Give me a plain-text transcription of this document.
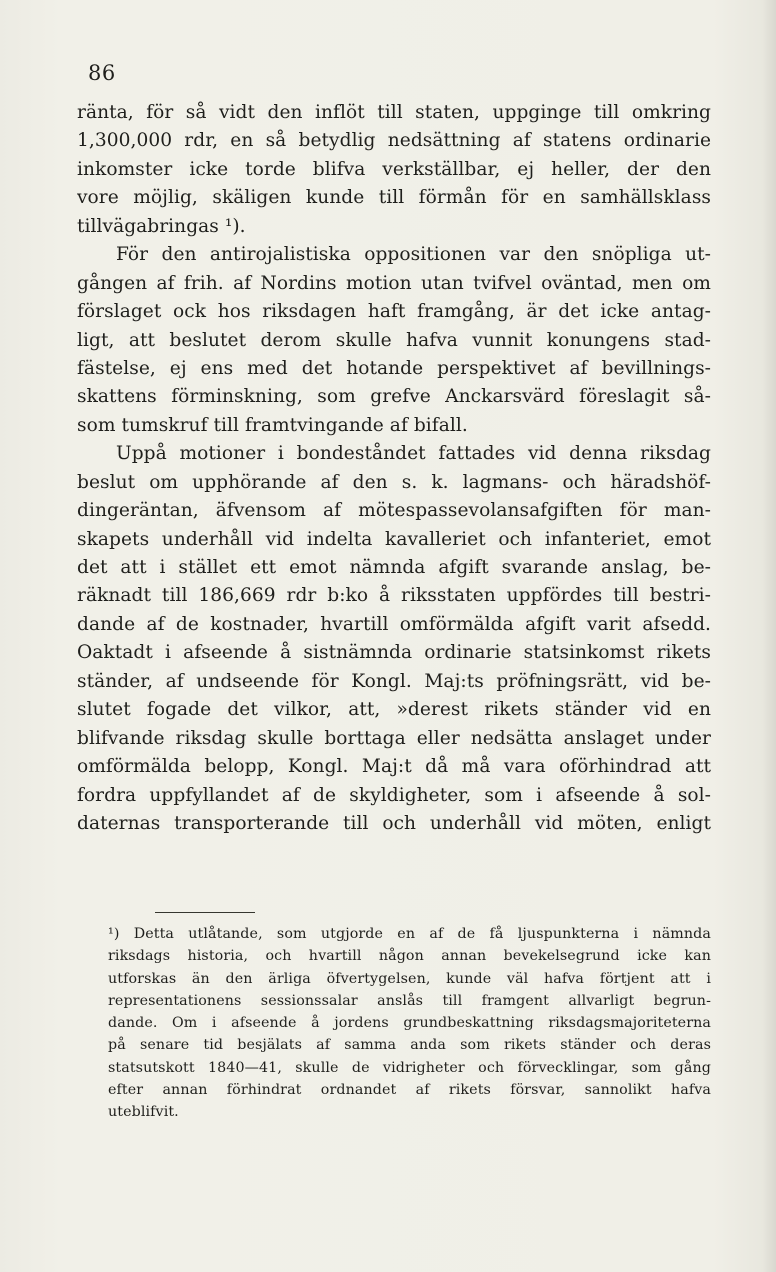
86
ränta, för så vidt den inflöt till staten, uppginge till omkring
1,300,000 rdr, en så betydlig nedsättning af statens ordinarie
inkomster icke torde blifva verkställbar, ej heller, der den
vore möjlig, skäligen kunde till förmån för en samhällsklass
tillvägabringas ¹).
För den antirojalistiska oppositionen var den snöpliga ut-
gången af frih. af Nordins motion utan tvifvel oväntad, men om
förslaget ock hos riksdagen haft framgång, är det icke antag-
ligt, att beslutet derom skulle hafva vunnit konungens stad-
fästelse, ej ens med det hotande perspektivet af bevillnings-
skattens förminskning, som grefve Anckarsvärd föreslagit så-
som tumskruf till framtvingande af bifall.
Uppå motioner i bondeståndet fattades vid denna riksdag
beslut om upphörande af den s. k. lagmans- och häradshöf-
dingeräntan, äfvensom af mötespassevolansafgiften för man-
skapets underhåll vid indelta kavalleriet och infanteriet, emot
det att i stället ett emot nämnda afgift svarande anslag, be-
räknadt till 186,669 rdr b:ko å riksstaten uppfördes till bestri-
dande af de kostnader, hvartill omförmälda afgift varit afsedd.
Oaktadt i afseende å sistnämnda ordinarie statsinkomst rikets
ständer, af undseende för Kongl. Maj:ts pröfningsrätt, vid be-
slutet fogade det vilkor, att, »derest rikets ständer vid en
blifvande riksdag skulle borttaga eller nedsätta anslaget under
omförmälda belopp, Kongl. Maj:t då må vara oförhindrad att
fordra uppfyllandet af de skyldigheter, som i afseende å sol-
daternas transporterande till och underhåll vid möten, enligt
¹) Detta utlåtande, som utgjorde en af de få ljuspunkterna i nämnda
riksdags historia, och hvartill någon annan bevekelsegrund icke kan
utforskas än den ärliga öfvertygelsen, kunde väl hafva förtjent att i
representationens sessionssalar anslås till framgent allvarligt begrun-
dande. Om i afseende å jordens grundbeskattning riksdagsmajoriteterna
på senare tid besjälats af samma anda som rikets ständer och deras
statsutskott 1840—41, skulle de vidrigheter och förvecklingar, som gång
efter annan förhindrat ordnandet af rikets försvar, sannolikt hafva
uteblifvit.
